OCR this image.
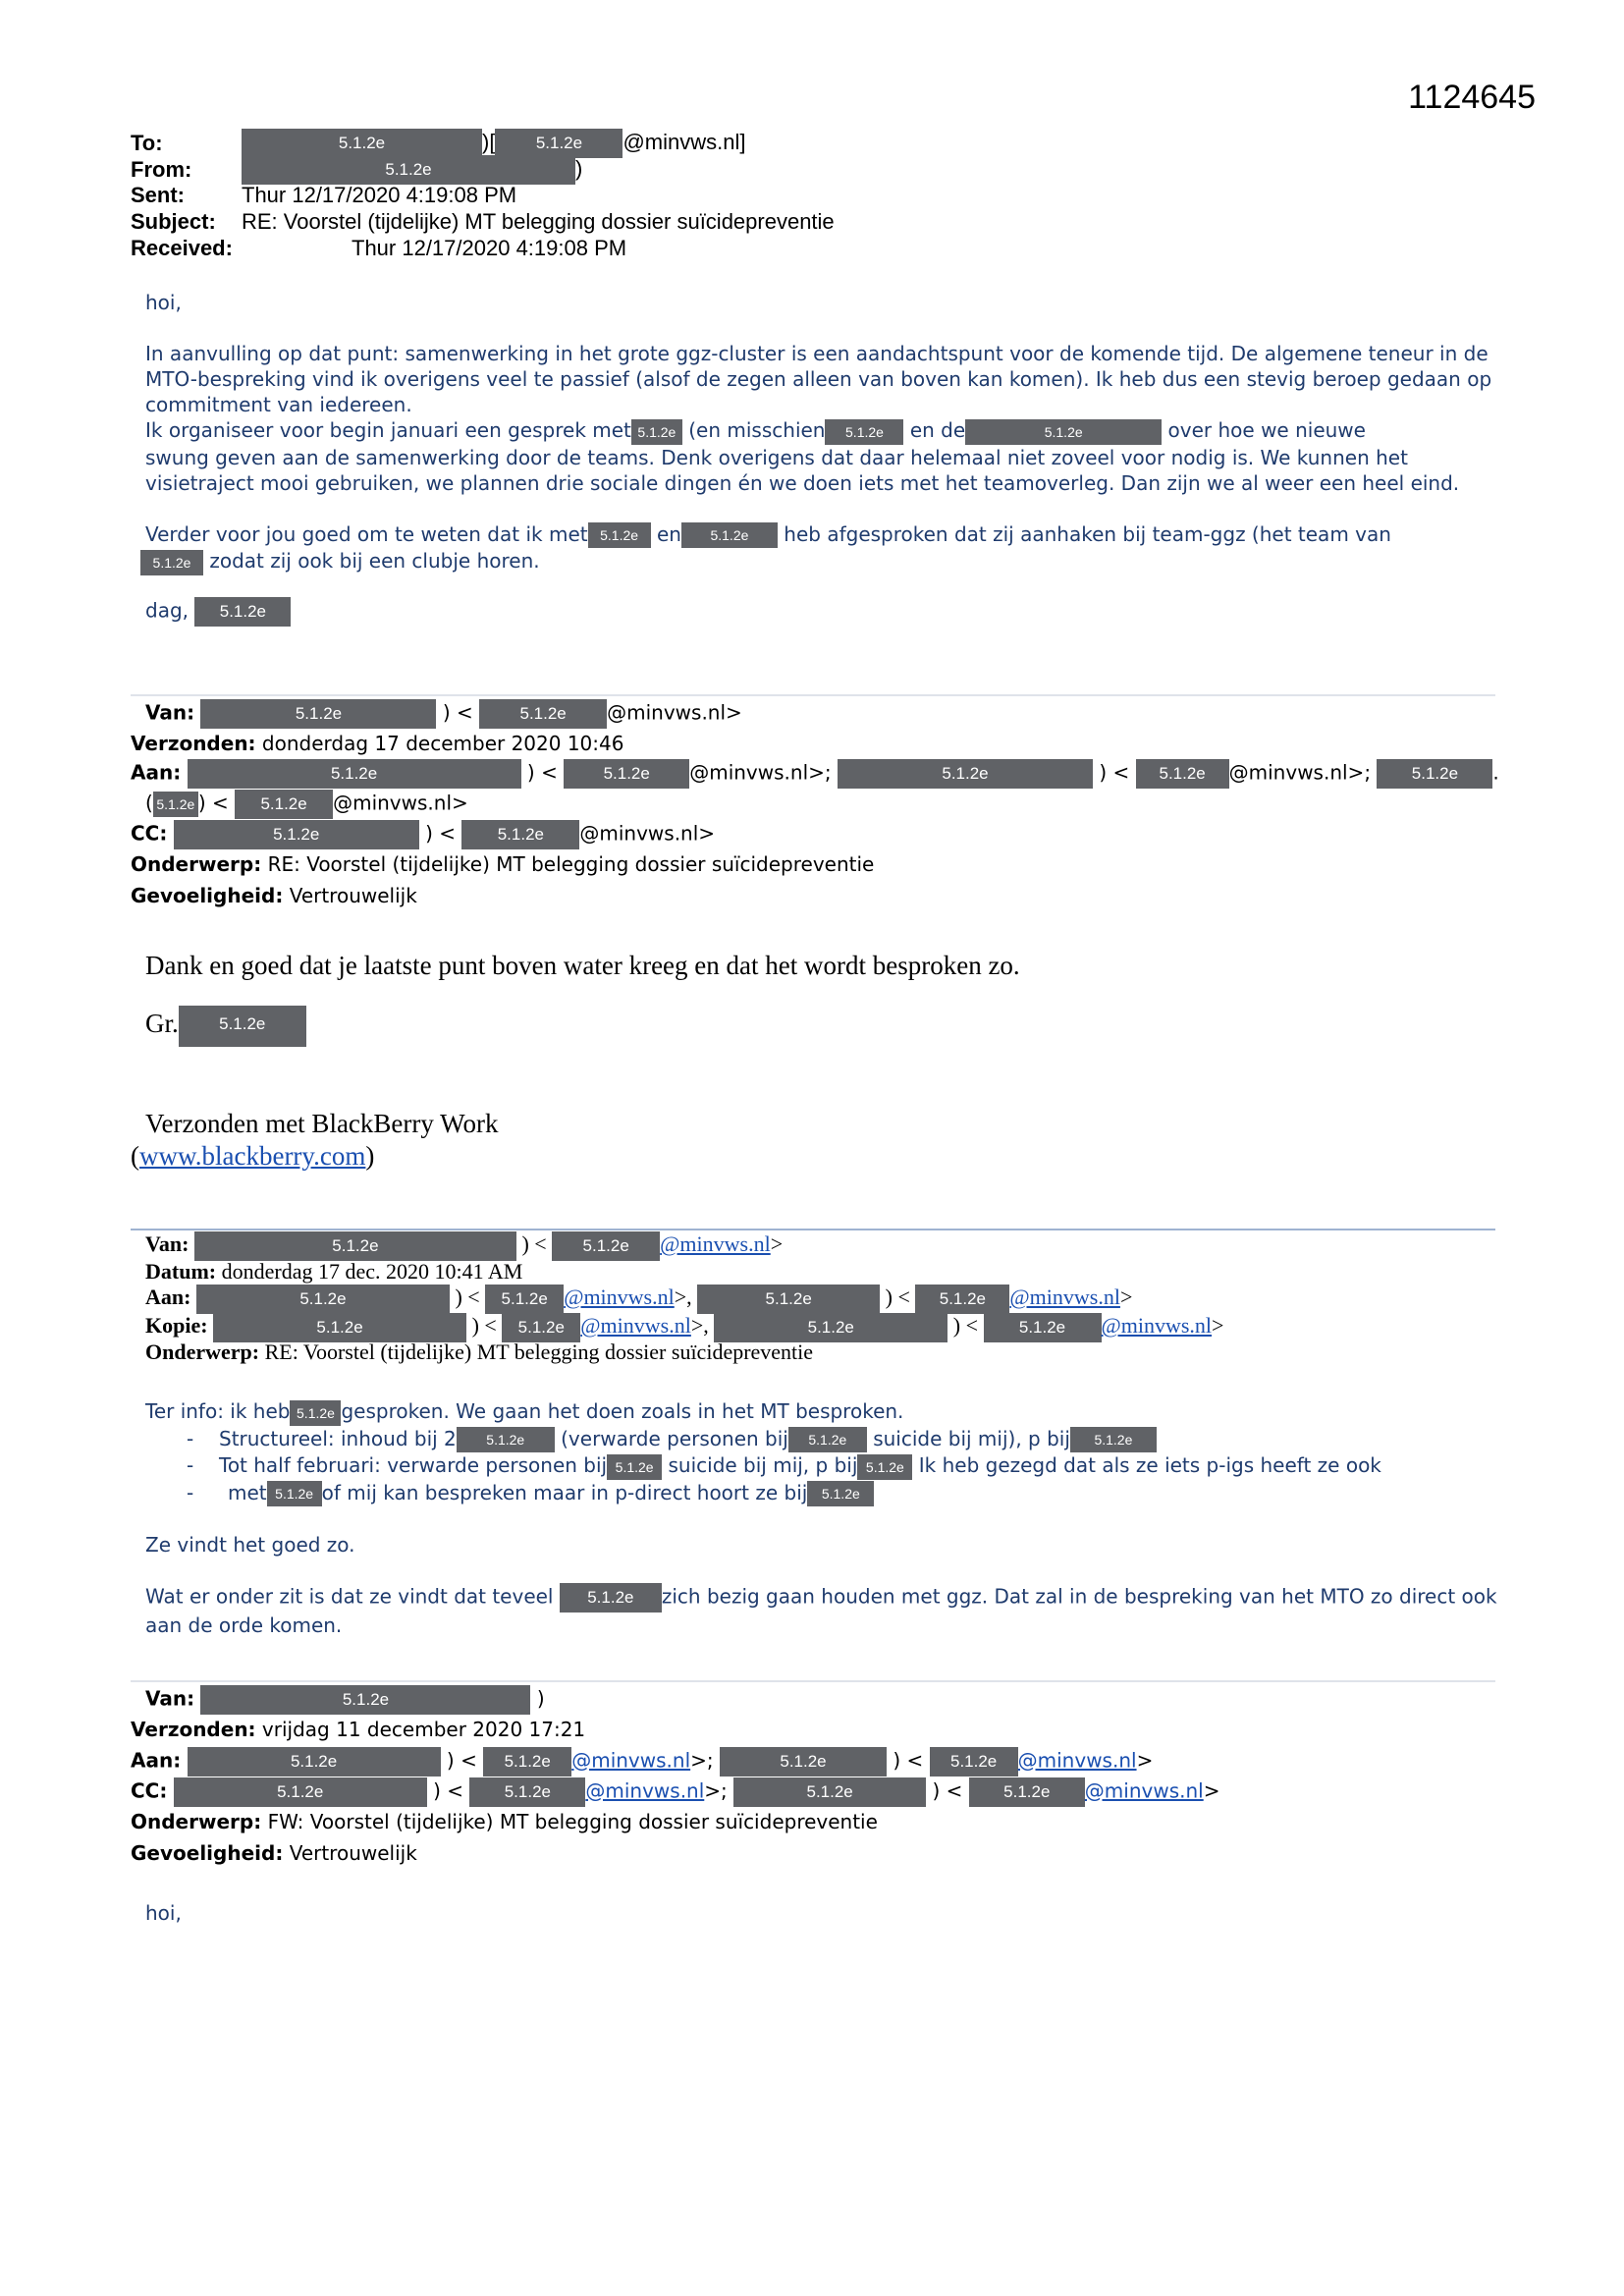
1124645
To:	5.1.2e	)[ 5.1.2e @minvws.nl]
From:	5.1.2e	)
Sent:	Thur 12/17/2020 4:19:08 PM
Subject: RE: Voorstel (tijdelijke) MT belegging dossier suïcidepreventie
Received:	Thur 12/17/2020 4:19:08 PM

hoi,

In aanvulling op dat punt: samenwerking in het grote ggz-cluster is een aandachtspunt voor de komende tijd. De algemene teneur in de MTO-bespreking vind ik overigens veel te passief (alsof de zegen alleen van boven kan komen). Ik heb dus een stevig beroep gedaan op commitment van iedereen.

Ik organiseer voor begin januari een gesprek met 5.1.2e (en misschien 5.1.2e en de	5.1.2e	over hoe we nieuwe

swung geven aan de samenwerking door de teams. Denk overigens dat daar helemaal niet zoveel voor nodig is. We kunnen het visietraject mooi gebruiken, we plannen drie sociale dingen én we doen iets met het teamoverleg. Dan zijn we al weer een heel eind.

Verder voor jou goed om te weten dat ik met 5.1.2e en 5.1.2e heb afgesproken dat zij aanhaken bij team-ggz (het team van

5.1.2e zodat zij ook bij een clubje horen.

dag, 5.1.2e

Van:	5.1.2e	) < 5.1.2e @minvws.nl>
Verzonden: donderdag 17 december 2020 10:46
Aan:	5.1.2e	) < 5.1.2e @minvws.nl>;	5.1.2e	) < 5.1.2e @minvws.nl>; 5.1.2e .
( 5.1.2e ) < 5.1.2e @minvws.nl>
CC:	5.1.2e	) < 5.1.2e @minvws.nl>
Onderwerp: RE: Voorstel (tijdelijke) MT belegging dossier suïcidepreventie
Gevoeligheid: Vertrouwelijk
Dank en goed dat je laatste punt boven water kreeg en dat het wordt besproken zo.
Gr. 5.1.2e
Verzonden met BlackBerry Work
(www.blackberry.com)
Van:	5.1.2e	) < 5.1.2e @minvws.nl>
Datum: donderdag 17 dec. 2020 10:41 AM
Aan:	5.1.2e	) < 5.1.2e @minvws.nl>,	5.1.2e	) < 5.1.2e @minvws.nl>
Kopie:	5.1.2e	) < 5.1.2e @minvws.nl>,	5.1.2e	) < 5.1.2e @minvws.nl>
Onderwerp: RE: Voorstel (tijdelijke) MT belegging dossier suïcidepreventie

Ter info: ik heb 5.1.2e gesproken. We gaan het doen zoals in het MT besproken.

- Structureel: inhoud bij 2 5.1.2e (verwarde personen bij 5.1.2e suicide bij mij), p bij 5.1.2e
- Tot half februari: verwarde personen bij 5.1.2e suicide bij mij, p bij 5.1.2e Ik heb gezegd dat als ze iets p-igs heeft ze ook
- met 5.1.2e of mij kan bespreken maar in p-direct hoort ze bij 5.1.2e

Ze vindt het goed zo.

Wat er onder zit is dat ze vindt dat teveel 5.1.2e zich bezig gaan houden met ggz. Dat zal in de bespreking van het MTO zo direct ook aan de orde komen.

Van:	5.1.2e	)
Verzonden: vrijdag 11 december 2020 17:21
Aan:	5.1.2e	) < 5.1.2e @minvws.nl>;	5.1.2e	) < 5.1.2e @minvws.nl>
CC:	5.1.2e	) < 5.1.2e @minvws.nl>;	5.1.2e	) < 5.1.2e @minvws.nl>
Onderwerp: FW: Voorstel (tijdelijke) MT belegging dossier suïcidepreventie
Gevoeligheid: Vertrouwelijk

hoi,
